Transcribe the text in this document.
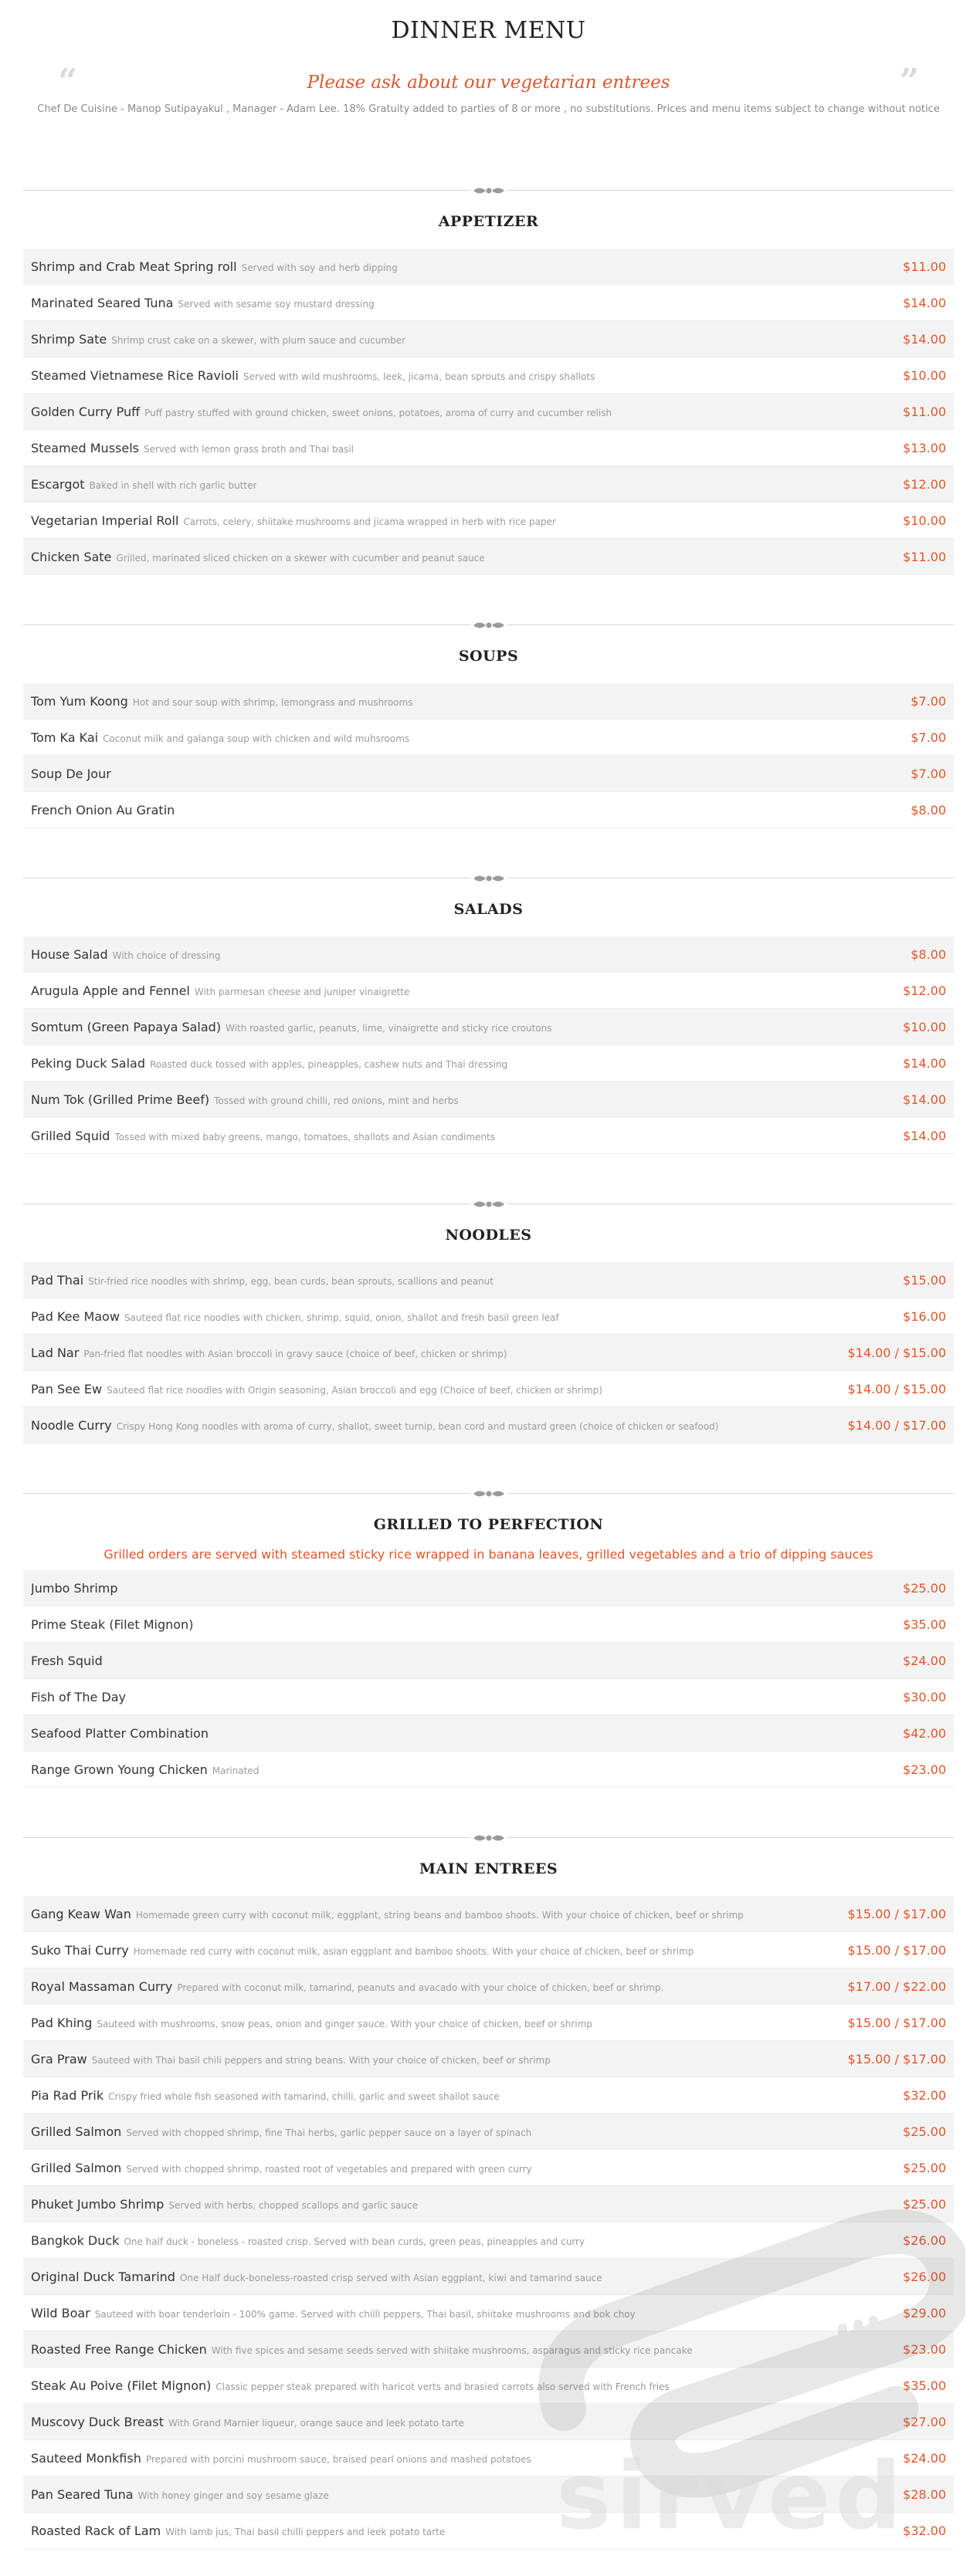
DINNER MENU
“	”

Please ask about our vegetarian entrees

Chef De Cuisine - Manop Sutipayakul , Manager - Adam Lee. 18% Gratuity added to parties of 8 or more , no substitutions. Prices and menu items subject to change without notice

APPETIZER
Shrimp and Crab Meat Spring roll Served with soy and herb dipping	$11.00
Marinated Seared Tuna Served with sesame soy mustard dressing	$14.00
Shrimp Sate Shrimp crust cake on a skewer, with plum sauce and cucumber	$14.00
Steamed Vietnamese Rice Ravioli Served with wild mushrooms, leek, jicama, bean sprouts and crispy shallots	$10.00
Golden Curry Puff Puff pastry stuffed with ground chicken, sweet onions, potatoes, aroma of curry and cucumber relish	$11.00
Steamed Mussels Served with lemon grass broth and Thai basil	$13.00
Escargot Baked in shell with rich garlic butter	$12.00
Vegetarian Imperial Roll Carrots, celery, shiitake mushrooms and jicama wrapped in herb with rice paper	$10.00
Chicken Sate Grilled, marinated sliced chicken on a skewer with cucumber and peanut sauce	$11.00
SOUPS
Tom Yum Koong Hot and sour soup with shrimp, lemongrass and mushrooms	$7.00
Tom Ka Kai Coconut milk and galanga soup with chicken and wild muhsrooms	$7.00
Soup De Jour	$7.00
French Onion Au Gratin	$8.00
SALADS
House Salad With choice of dressing	$8.00
Arugula Apple and Fennel With parmesan cheese and juniper vinaigrette	$12.00
Somtum (Green Papaya Salad) With roasted garlic, peanuts, lime, vinaigrette and sticky rice croutons	$10.00
Peking Duck Salad Roasted duck tossed with apples, pineapples, cashew nuts and Thai dressing	$14.00
Num Tok (Grilled Prime Beef) Tossed with ground chilli, red onions, mint and herbs	$14.00
Grilled Squid Tossed with mixed baby greens, mango, tomatoes, shallots and Asian condiments	$14.00
NOODLES
Pad Thai Stir-fried rice noodles with shrimp, egg, bean curds, bean sprouts, scallions and peanut	$15.00
Pad Kee Maow Sauteed flat rice noodles with chicken, shrimp, squid, onion, shallot and fresh basil green leaf	$16.00
Lad Nar Pan-fried flat noodles with Asian broccoli in gravy sauce (choice of beef, chicken or shrimp)	$14.00 / $15.00
Pan See Ew Sauteed flat rice noodles with Origin seasoning, Asian broccoli and egg (Choice of beef, chicken or shrimp)	$14.00 / $15.00
Noodle Curry Crispy Hong Kong noodles with aroma of curry, shallot, sweet turnip, bean cord and mustard green (choice of chicken or seafood)	$14.00 / $17.00
GRILLED TO PERFECTION

Grilled orders are served with steamed sticky rice wrapped in banana leaves, grilled vegetables and a trio of dipping sauces

Jumbo Shrimp	$25.00
Prime Steak (Filet Mignon)	$35.00
Fresh Squid	$24.00
Fish of The Day	$30.00
Seafood Platter Combination	$42.00
Range Grown Young Chicken Marinated	$23.00
MAIN ENTREES
Gang Keaw Wan Homemade green curry with coconut milk, eggplant, string beans and bamboo shoots. With your choice of chicken, beef or shrimp	$15.00 / $17.00
Suko Thai Curry Homemade red curry with coconut milk, asian eggplant and bamboo shoots. With your choice of chicken, beef or shrimp	$15.00 / $17.00
Royal Massaman Curry Prepared with coconut milk, tamarind, peanuts and avacado with your choice of chicken, beef or shrimp.	$17.00 / $22.00
Pad Khing Sauteed with mushrooms, snow peas, onion and ginger sauce. With your choice of chicken, beef or shrimp	$15.00 / $17.00
Gra Praw Sauteed with Thai basil chili peppers and string beans. With your choice of chicken, beef or shrimp	$15.00 / $17.00
Pia Rad Prik Crispy fried whole fish seasoned with tamarind, chilli, garlic and sweet shallot sauce	$32.00
Grilled Salmon Served with chopped shrimp, fine Thai herbs, garlic pepper sauce on a layer of spinach	$25.00
Grilled Salmon Served with chopped shrimp, roasted root of vegetables and prepared with green curry	$25.00
Phuket Jumbo Shrimp Served with herbs, chopped scallops and garlic sauce	$25.00
Bangkok Duck One half duck - boneless - roasted crisp. Served with bean curds, green peas, pineapples and curry	$26.00
Original Duck Tamarind One Half duck-boneless-roasted crisp served with Asian eggplant, kiwi and tamarind sauce	$26.00
Wild Boar Sauteed with boar tenderloin - 100% game. Served with chilli peppers, Thai basil, shiitake mushrooms and bok choy	$29.00
Roasted Free Range Chicken With five spices and sesame seeds served with shiitake mushrooms, asparagus and sticky rice pancake	$23.00
Steak Au Poive (Filet Mignon) Classic pepper steak prepared with haricot verts and brasied carrots also served with French fries	$35.00
Muscovy Duck Breast With Grand Marnier liqueur, orange sauce and leek potato tarte	$27.00
Sauteed Monkfish Prepared with porcini mushroom sauce, braised pearl onions and mashed potatoes	$24.00
Pan Seared Tuna With honey ginger and soy sesame glaze	$28.00
Roasted Rack of Lam With lamb jus, Thai basil chilli peppers and leek potato tarte	$32.00
sirved
